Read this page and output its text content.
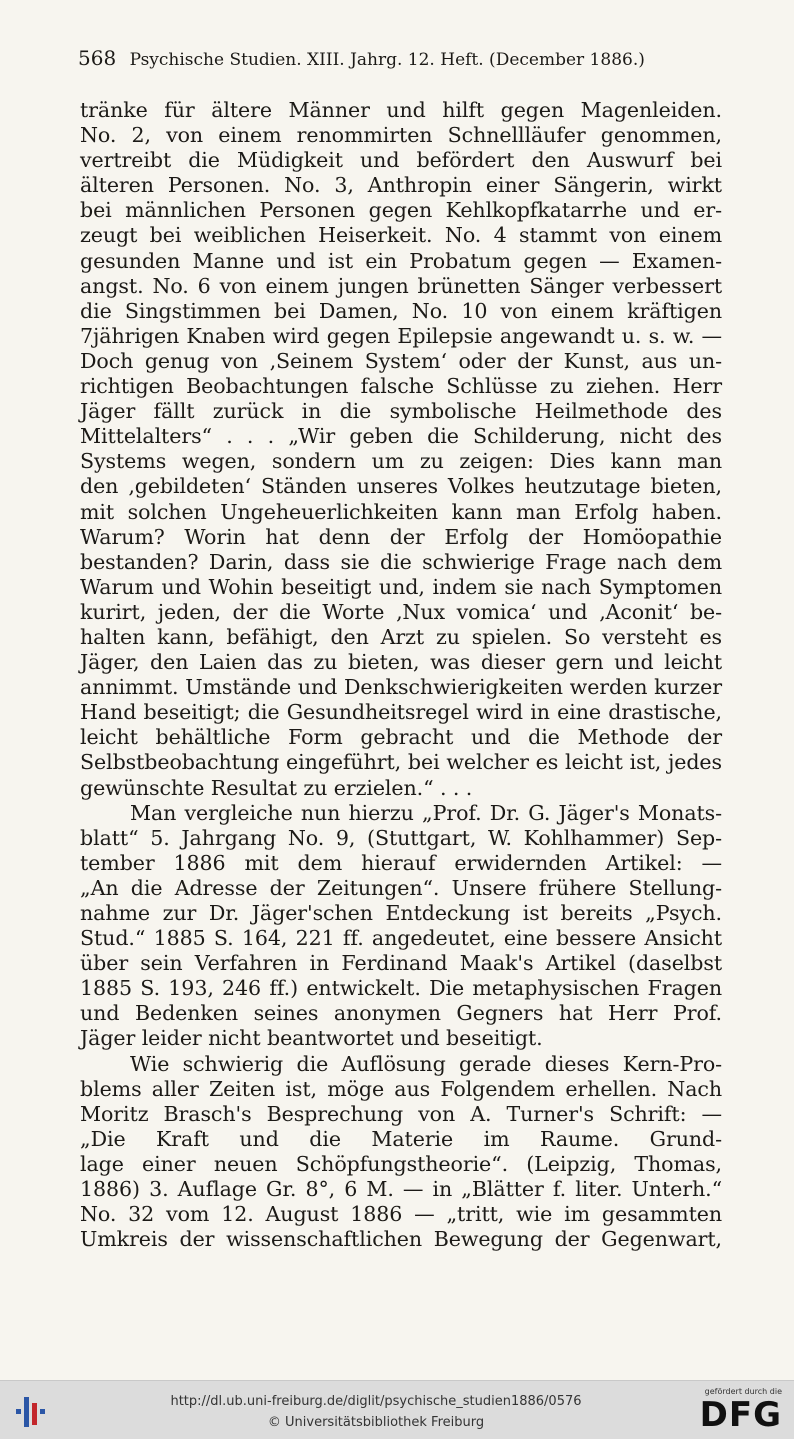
568 Psychische Studien. XIII. Jahrg. 12. Heft. (December 1886.)
tränke für ältere Männer und hilft gegen Magenleiden.
No. 2, von einem renommirten Schnellläufer genommen,
vertreibt die Müdigkeit und befördert den Auswurf bei
älteren Personen. No. 3, Anthropin einer Sängerin, wirkt
bei männlichen Personen gegen Kehlkopfkatarrhe und er-
zeugt bei weiblichen Heiserkeit. No. 4 stammt von einem
gesunden Manne und ist ein Probatum gegen — Examen-
angst. No. 6 von einem jungen brünetten Sänger verbessert
die Singstimmen bei Damen, No. 10 von einem kräftigen
7jährigen Knaben wird gegen Epilepsie angewandt u. s. w. —
Doch genug von ‚Seinem System‘ oder der Kunst, aus un-
richtigen Beobachtungen falsche Schlüsse zu ziehen. Herr
Jäger fällt zurück in die symbolische Heilmethode des
Mittelalters“ . . . „Wir geben die Schilderung, nicht des
Systems wegen, sondern um zu zeigen: Dies kann man
den ‚gebildeten‘ Ständen unseres Volkes heutzutage bieten,
mit solchen Ungeheuerlichkeiten kann man Erfolg haben.
Warum? Worin hat denn der Erfolg der Homöopathie
bestanden? Darin, dass sie die schwierige Frage nach dem
Warum und Wohin beseitigt und, indem sie nach Symptomen
kurirt, jeden, der die Worte ‚Nux vomica‘ und ‚Aconit‘ be-
halten kann, befähigt, den Arzt zu spielen. So versteht es
Jäger, den Laien das zu bieten, was dieser gern und leicht
annimmt. Umstände und Denkschwierigkeiten werden kurzer
Hand beseitigt; die Gesundheitsregel wird in eine drastische,
leicht behältliche Form gebracht und die Methode der
Selbstbeobachtung eingeführt, bei welcher es leicht ist, jedes
gewünschte Resultat zu erzielen.“ . . .
Man vergleiche nun hierzu „Prof. Dr. G. Jäger's Monats-
blatt“ 5. Jahrgang No. 9, (Stuttgart, W. Kohlhammer) Sep-
tember 1886 mit dem hierauf erwidernden Artikel: —
„An die Adresse der Zeitungen“. Unsere frühere Stellung-
nahme zur Dr. Jäger'schen Entdeckung ist bereits „Psych.
Stud.“ 1885 S. 164, 221 ff. angedeutet, eine bessere Ansicht
über sein Verfahren in Ferdinand Maak's Artikel (daselbst
1885 S. 193, 246 ff.) entwickelt. Die metaphysischen Fragen
und Bedenken seines anonymen Gegners hat Herr Prof.
Jäger leider nicht beantwortet und beseitigt.
Wie schwierig die Auflösung gerade dieses Kern-Pro-
blems aller Zeiten ist, möge aus Folgendem erhellen. Nach
Moritz Brasch's Besprechung von A. Turner's Schrift: —
„Die Kraft und die Materie im Raume. Grund-
lage einer neuen Schöpfungstheorie“. (Leipzig, Thomas,
1886) 3. Auflage Gr. 8°, 6 M. — in „Blätter f. liter. Unterh.“
No. 32 vom 12. August 1886 — „tritt, wie im gesammten
Umkreis der wissenschaftlichen Bewegung der Gegenwart,
http://dl.ub.uni-freiburg.de/diglit/psychische_studien1886/0576
© Universitätsbibliothek Freiburg
gefördert durch die
DFG
